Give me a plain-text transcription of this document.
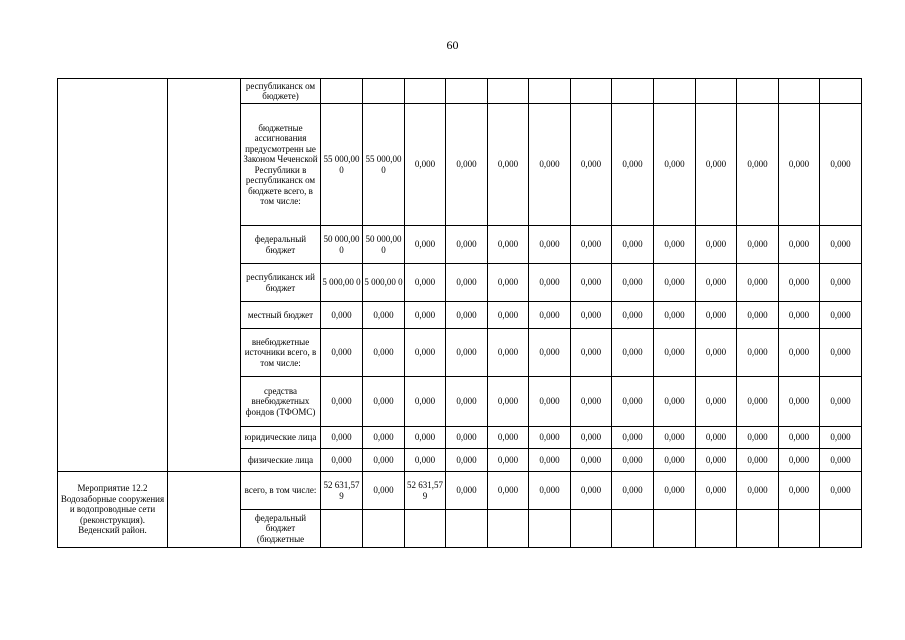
60
		республиканск ом бюджете)													
		бюджетные ассигнования предусмотренн ые Законом Чеченской Республики в республиканск ом бюджете всего, в том числе:	55 000,00 0	55 000,00 0	0,000	0,000	0,000	0,000	0,000	0,000	0,000	0,000	0,000	0,000	0,000
		федеральный бюджет	50 000,00 0	50 000,00 0	0,000	0,000	0,000	0,000	0,000	0,000	0,000	0,000	0,000	0,000	0,000
		республиканск ий бюджет	5 000,00 0	5 000,00 0	0,000	0,000	0,000	0,000	0,000	0,000	0,000	0,000	0,000	0,000	0,000
		местный бюджет	0,000	0,000	0,000	0,000	0,000	0,000	0,000	0,000	0,000	0,000	0,000	0,000	0,000
		внебюджетные источники всего, в том числе:	0,000	0,000	0,000	0,000	0,000	0,000	0,000	0,000	0,000	0,000	0,000	0,000	0,000
		средства внебюджетных фондов (ТФОМС)	0,000	0,000	0,000	0,000	0,000	0,000	0,000	0,000	0,000	0,000	0,000	0,000	0,000
		юридические лица	0,000	0,000	0,000	0,000	0,000	0,000	0,000	0,000	0,000	0,000	0,000	0,000	0,000
		физические лица	0,000	0,000	0,000	0,000	0,000	0,000	0,000	0,000	0,000	0,000	0,000	0,000	0,000
Мероприятие 12.2 Водозаборные сооружения и водопроводные сети (реконструкция). Веденский район.		всего, в том числе:	52 631,57 9	0,000	52 631,57 9	0,000	0,000	0,000	0,000	0,000	0,000	0,000	0,000	0,000	0,000
		федеральный бюджет (бюджетные													
